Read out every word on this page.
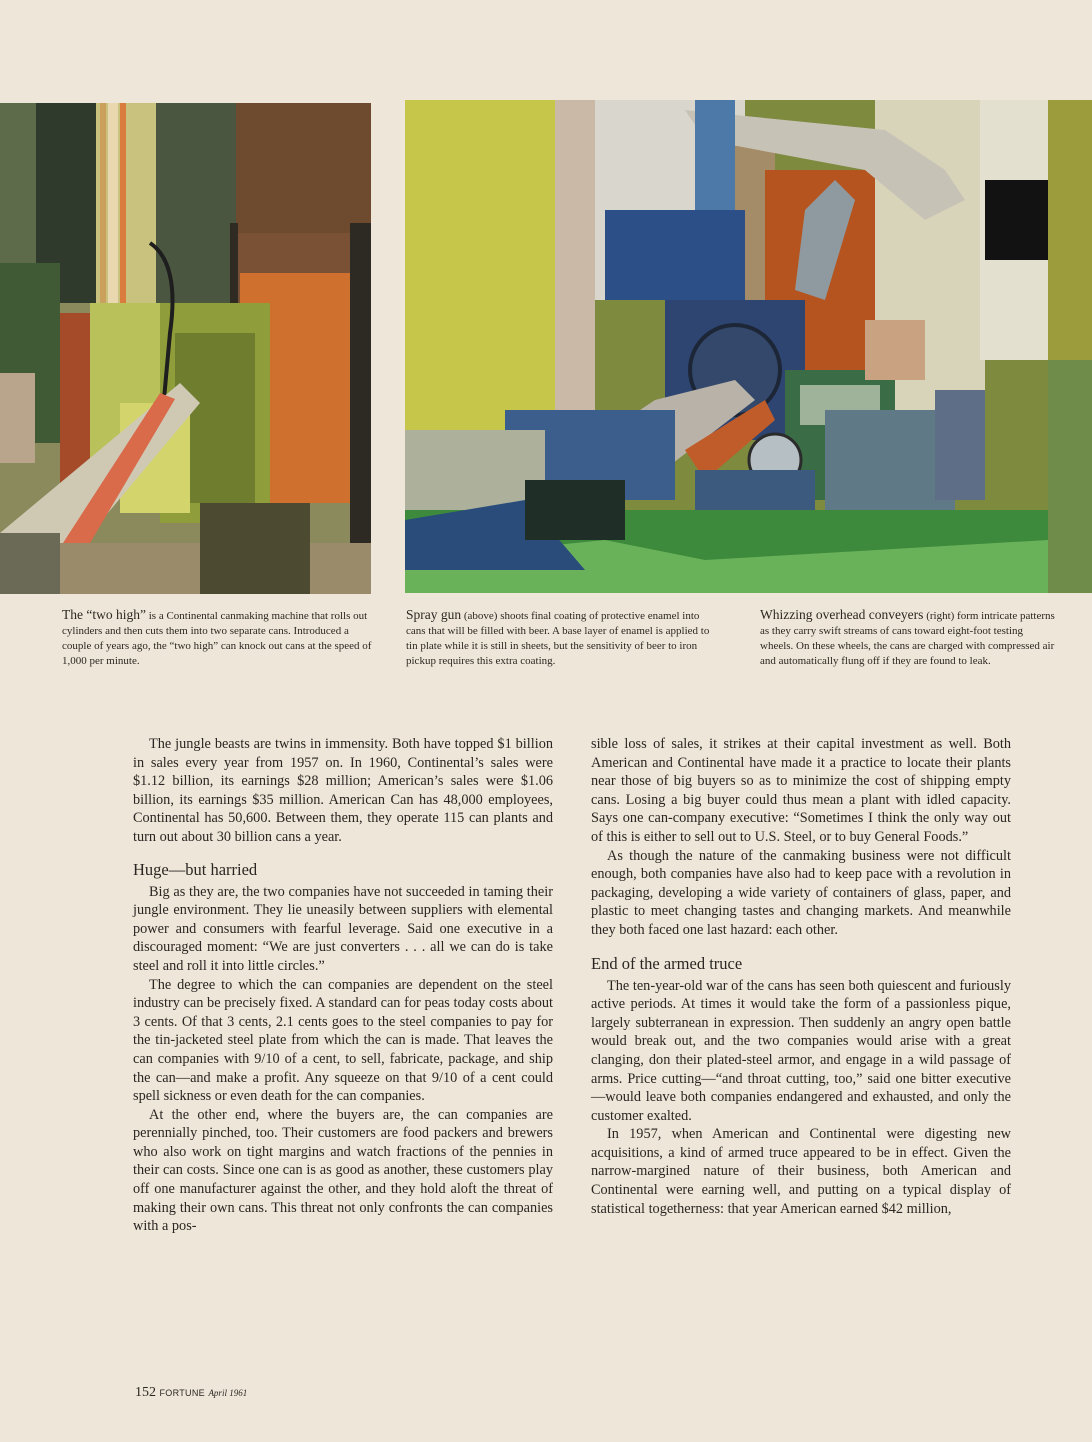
The “two high” is a Continental canmaking machine that rolls out cylinders and then cuts them into two separate cans. Introduced a couple of years ago, the “two high” can knock out cans at the speed of 1,000 per minute.
Spray gun (above) shoots final coating of protective enamel into cans that will be filled with beer. A base layer of enamel is applied to tin plate while it is still in sheets, but the sensitivity of beer to iron pickup requires this extra coating.
Whizzing overhead conveyers (right) form intricate patterns as they carry swift streams of cans toward eight-foot testing wheels. On these wheels, the cans are charged with compressed air and automatically flung off if they are found to leak.

The jungle beasts are twins in immensity. Both have topped $1 billion in sales every year from 1957 on. In 1960, Continental’s sales were $1.12 billion, its earnings $28 million; American’s sales were $1.06 billion, its earnings $35 million. American Can has 48,000 employees, Continental has 50,600. Between them, they operate 115 can plants and turn out about 30 billion cans a year.

Huge—but harried

Big as they are, the two companies have not succeeded in taming their jungle environment. They lie uneasily between suppliers with elemental power and consumers with fearful leverage. Said one executive in a discouraged moment: “We are just converters . . . all we can do is take steel and roll it into little circles.”

The degree to which the can companies are dependent on the steel industry can be precisely fixed. A standard can for peas today costs about 3 cents. Of that 3 cents, 2.1 cents goes to the steel companies to pay for the tin-jacketed steel plate from which the can is made. That leaves the can companies with 9/10 of a cent, to sell, fabricate, package, and ship the can—and make a profit. Any squeeze on that 9/10 of a cent could spell sickness or even death for the can companies.

At the other end, where the buyers are, the can companies are perennially pinched, too. Their customers are food packers and brewers who also work on tight margins and watch fractions of the pennies in their can costs. Since one can is as good as another, these customers play off one manufacturer against the other, and they hold aloft the threat of making their own cans. This threat not only confronts the can companies with a pos-

sible loss of sales, it strikes at their capital investment as well. Both American and Continental have made it a practice to locate their plants near those of big buyers so as to minimize the cost of shipping empty cans. Losing a big buyer could thus mean a plant with idled capacity. Says one can-company executive: “Sometimes I think the only way out of this is either to sell out to U.S. Steel, or to buy General Foods.”

As though the nature of the canmaking business were not difficult enough, both companies have also had to keep pace with a revolution in packaging, developing a wide variety of containers of glass, paper, and plastic to meet changing tastes and changing markets. And meanwhile they both faced one last hazard: each other.

End of the armed truce

The ten-year-old war of the cans has seen both quiescent and furiously active periods. At times it would take the form of a passionless pique, largely subterranean in expression. Then suddenly an angry open battle would break out, and the two companies would arise with a great clanging, don their plated-steel armor, and engage in a wild passage of arms. Price cutting—“and throat cutting, too,” said one bitter executive—would leave both companies endangered and exhausted, and only the customer exalted.

In 1957, when American and Continental were digesting new acquisitions, a kind of armed truce appeared to be in effect. Given the narrow-margined nature of their business, both American and Continental were earning well, and putting on a typical display of statistical togetherness: that year American earned $42 million,

152 FORTUNE April 1961
